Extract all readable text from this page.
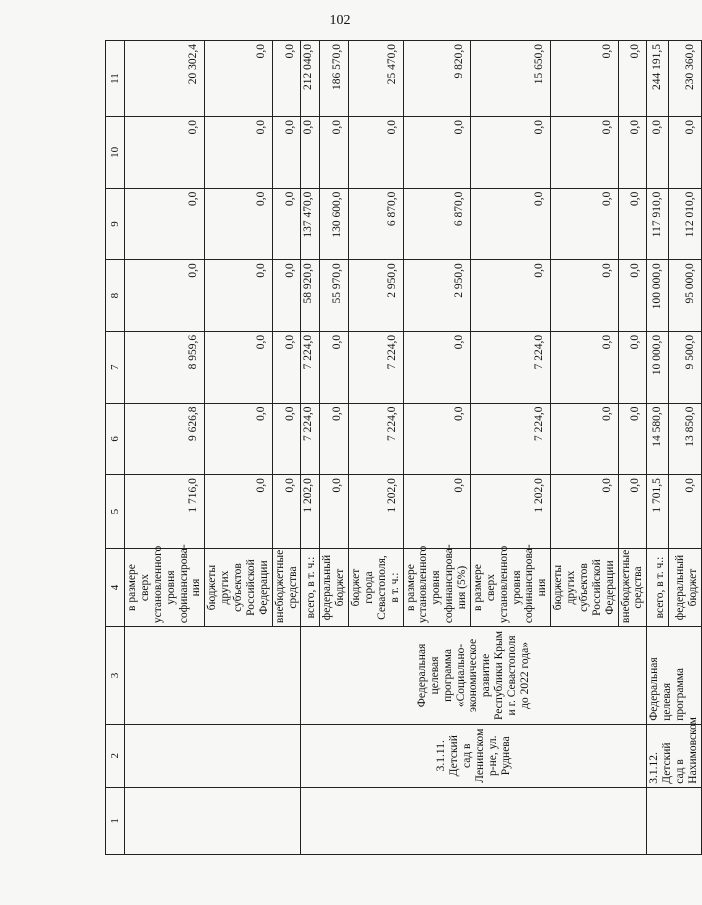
102
1	2	3	4	5	6	7	8	9	10	11
			в размере сверх установленного уровня софинансирова-ния	1 716,0	9 626,8	8 959,6	0,0	0,0	0,0	20 302,4
			бюджеты других субъектов Российской Федерации	0,0	0,0	0,0	0,0	0,0	0,0	0,0
			внебюджетные средства	0,0	0,0	0,0	0,0	0,0	0,0	0,0
	3.1.11. Детский сад в Ленинском р-не, ул. Руднева	Федеральная целевая программа «Социально-экономическое развитие Республики Крым и г. Севастополя до 2022 года»	всего, в т. ч.:	1 202,0	7 224,0	7 224,0	58 920,0	137 470,0	0,0	212 040,0
			федеральный бюджет	0,0	0,0	0,0	55 970,0	130 600,0	0,0	186 570,0
			бюджет города Севастополя, в т. ч.:	1 202,0	7 224,0	7 224,0	2 950,0	6 870,0	0,0	25 470,0
			в размере установленного уровня софинансирова-ния (5%)	0,0	0,0	0,0	2 950,0	6 870,0	0,0	9 820,0
			в размере сверх установленного уровня софинансирова-ния	1 202,0	7 224,0	7 224,0	0,0	0,0	0,0	15 650,0
			бюджеты других субъектов Российской Федерации	0,0	0,0	0,0	0,0	0,0	0,0	0,0
			внебюджетные средства	0,0	0,0	0,0	0,0	0,0	0,0	0,0
	3.1.12. Детский сад в Нахимовском	Федеральная целевая программа	всего, в т. ч.:	1 701,5	14 580,0	10 000,0	100 000,0	117 910,0	0,0	244 191,5
			федеральный бюджет	0,0	13 850,0	9 500,0	95 000,0	112 010,0	0,0	230 360,0
